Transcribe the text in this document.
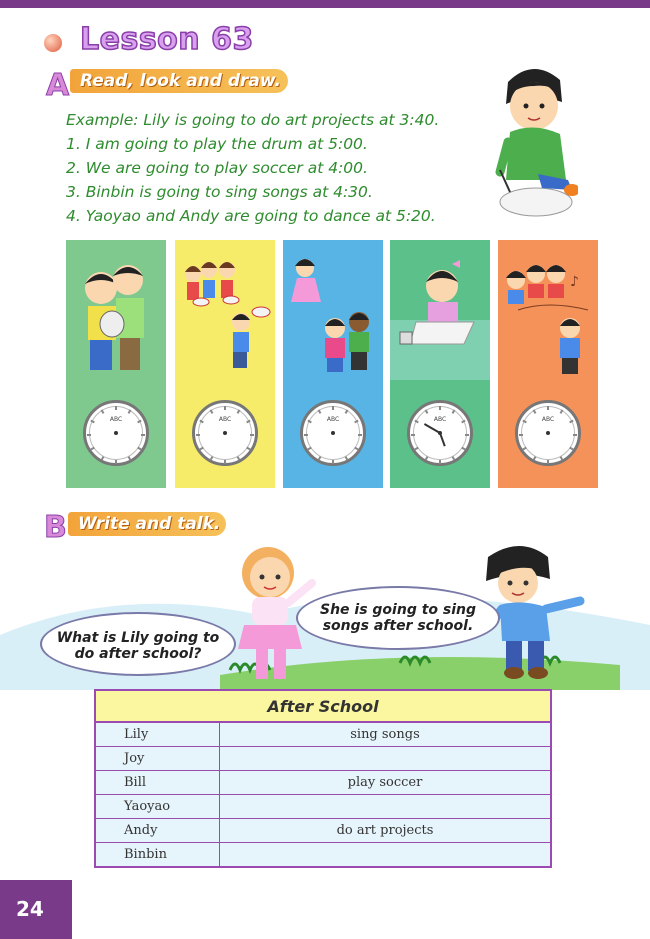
Lesson 63
A Read, look and draw.
Example: Lily is going to do art projects at 3:40.
1. I am going to play the drum at 5:00.
2. We are going to play soccer at 4:00.
3. Binbin is going to sing songs at 4:30.
4. Yaoyao and Andy are going to dance at 5:20.
ABC	ABC	ABC	ABC
♪
ABC
B Write and talk.
What is Lily going to do after school?
She is going to sing songs after school.
After School
Lily	sing songs
Joy
Bill	play soccer
Yaoyao
Andy	do art projects
Binbin
24
